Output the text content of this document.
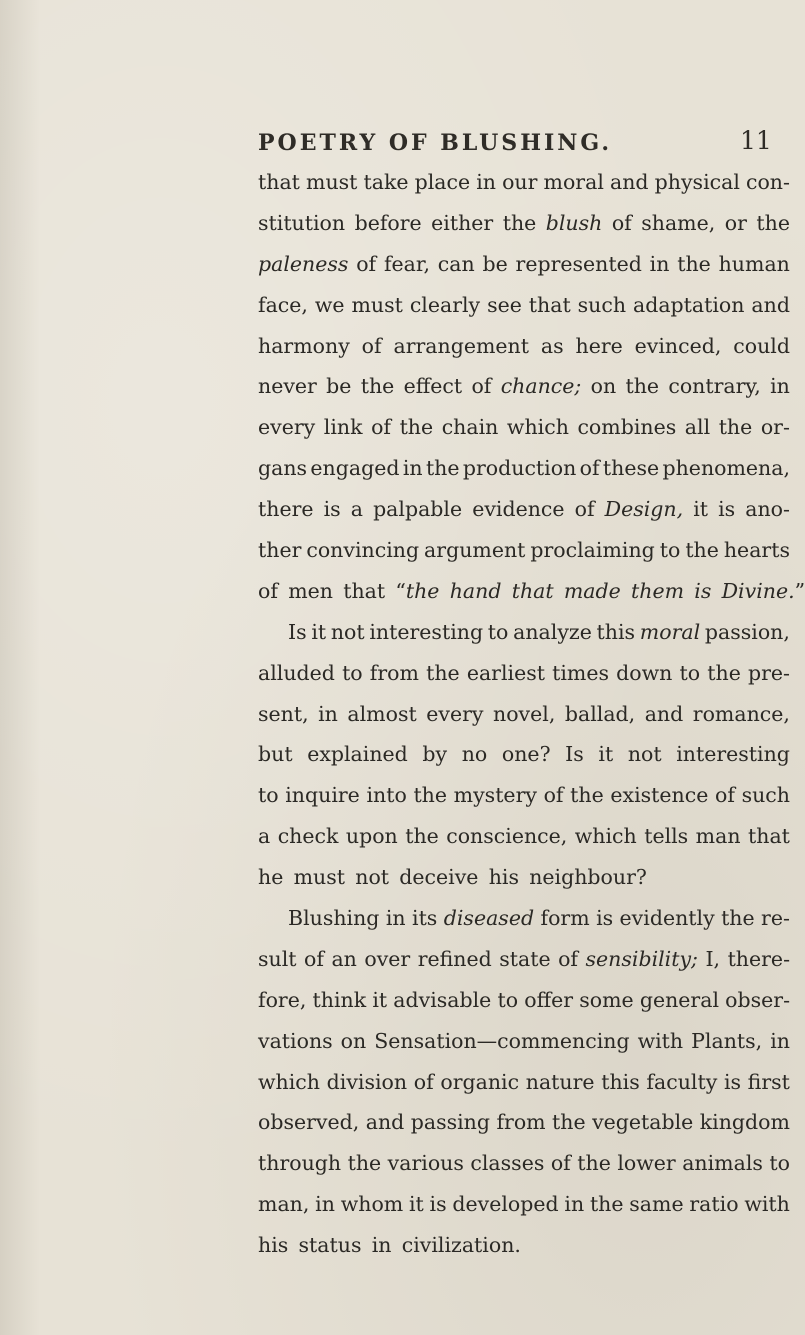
POETRY OF BLUSHING.	11
that must take place in our moral and physical con-
stitution before either the blush of shame, or the
paleness of fear, can be represented in the human
face, we must clearly see that such adaptation and
harmony of arrangement as here evinced, could
never be the effect of chance; on the contrary, in
every link of the chain which combines all the or-
gans engaged in the production of these phenomena,
there is a palpable evidence of Design, it is ano-
ther convincing argument proclaiming to the hearts
of men that “the hand that made them is Divine.”
Is it not interesting to analyze this moral passion,
alluded to from the earliest times down to the pre-
sent, in almost every novel, ballad, and romance,
but explained by no one? Is it not interesting
to inquire into the mystery of the existence of such
a check upon the conscience, which tells man that
he must not deceive his neighbour?
Blushing in its diseased form is evidently the re-
sult of an over refined state of sensibility; I, there-
fore, think it advisable to offer some general obser-
vations on Sensation—commencing with Plants, in
which division of organic nature this faculty is first
observed, and passing from the vegetable kingdom
through the various classes of the lower animals to
man, in whom it is developed in the same ratio with
his status in civilization.
